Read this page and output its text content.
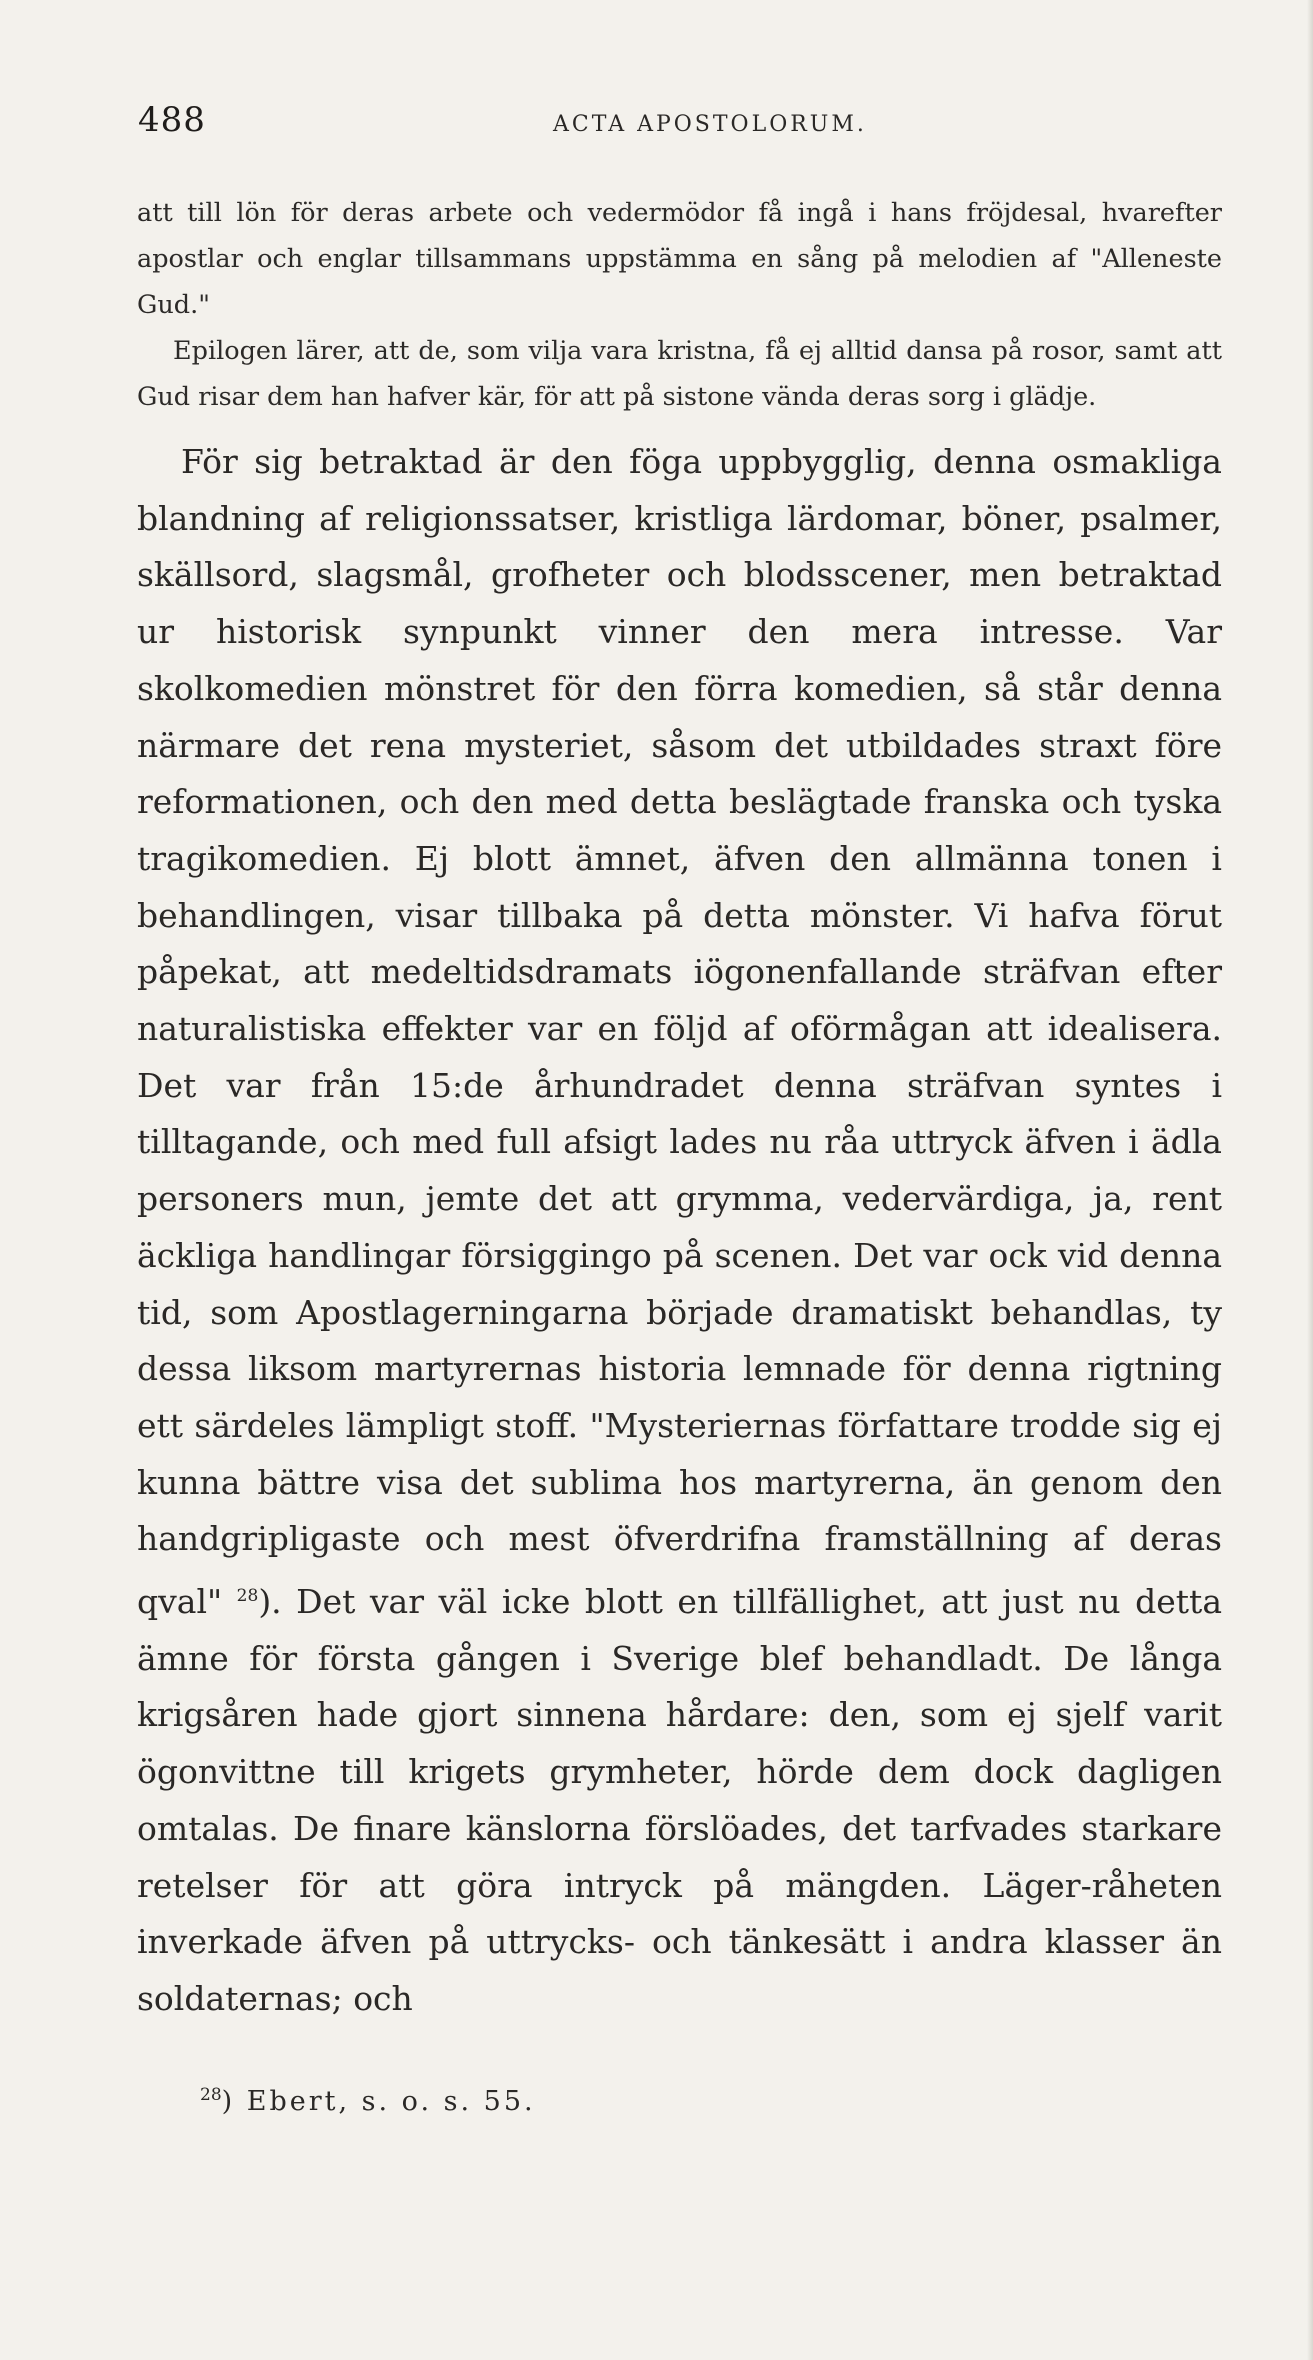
488	ACTA APOSTOLORUM.

att till lön för deras arbete och vedermödor få ingå i hans fröjdesal, hvarefter apostlar och englar tillsammans uppstämma en sång på melodien af "Alleneste Gud."

Epilogen lärer, att de, som vilja vara kristna, få ej alltid dansa på rosor, samt att Gud risar dem han hafver kär, för att på sistone vända deras sorg i glädje.

För sig betraktad är den föga uppbygglig, denna osmakliga blandning af religionssatser, kristliga lärdomar, böner, psalmer, skällsord, slagsmål, grofheter och blodsscener, men betraktad ur historisk synpunkt vinner den mera intresse. Var skolkomedien mönstret för den förra komedien, så står denna närmare det rena mysteriet, såsom det utbildades straxt före reformationen, och den med detta beslägtade franska och tyska tragikomedien. Ej blott ämnet, äfven den allmänna tonen i behandlingen, visar tillbaka på detta mönster. Vi hafva förut påpekat, att medeltidsdramats iögonenfallande sträfvan efter naturalistiska effekter var en följd af oförmågan att idealisera. Det var från 15:de århundradet denna sträfvan syntes i tilltagande, och med full afsigt lades nu råa uttryck äfven i ädla personers mun, jemte det att grymma, vedervärdiga, ja, rent äckliga handlingar försiggingo på scenen. Det var ock vid denna tid, som Apostlagerningarna började dramatiskt behandlas, ty dessa liksom martyrernas historia lemnade för denna rigtning ett särdeles lämpligt stoff. "Mysteriernas författare trodde sig ej kunna bättre visa det sublima hos martyrerna, än genom den handgripligaste och mest öfverdrifna framställning af deras qval" $^{28}$). Det var väl icke blott en tillfällighet, att just nu detta ämne för första gången i Sverige blef behandladt. De långa krigsåren hade gjort sinnena hårdare: den, som ej sjelf varit ögonvittne till krigets grymheter, hörde dem dock dagligen omtalas. De finare känslorna förslöades, det tarfvades starkare retelser för att göra intryck på mängden. Läger-råheten inverkade äfven på uttrycks- och tänkesätt i andra klasser än soldaternas; och

$^{28}$) Ebert, s. o. s. 55.
